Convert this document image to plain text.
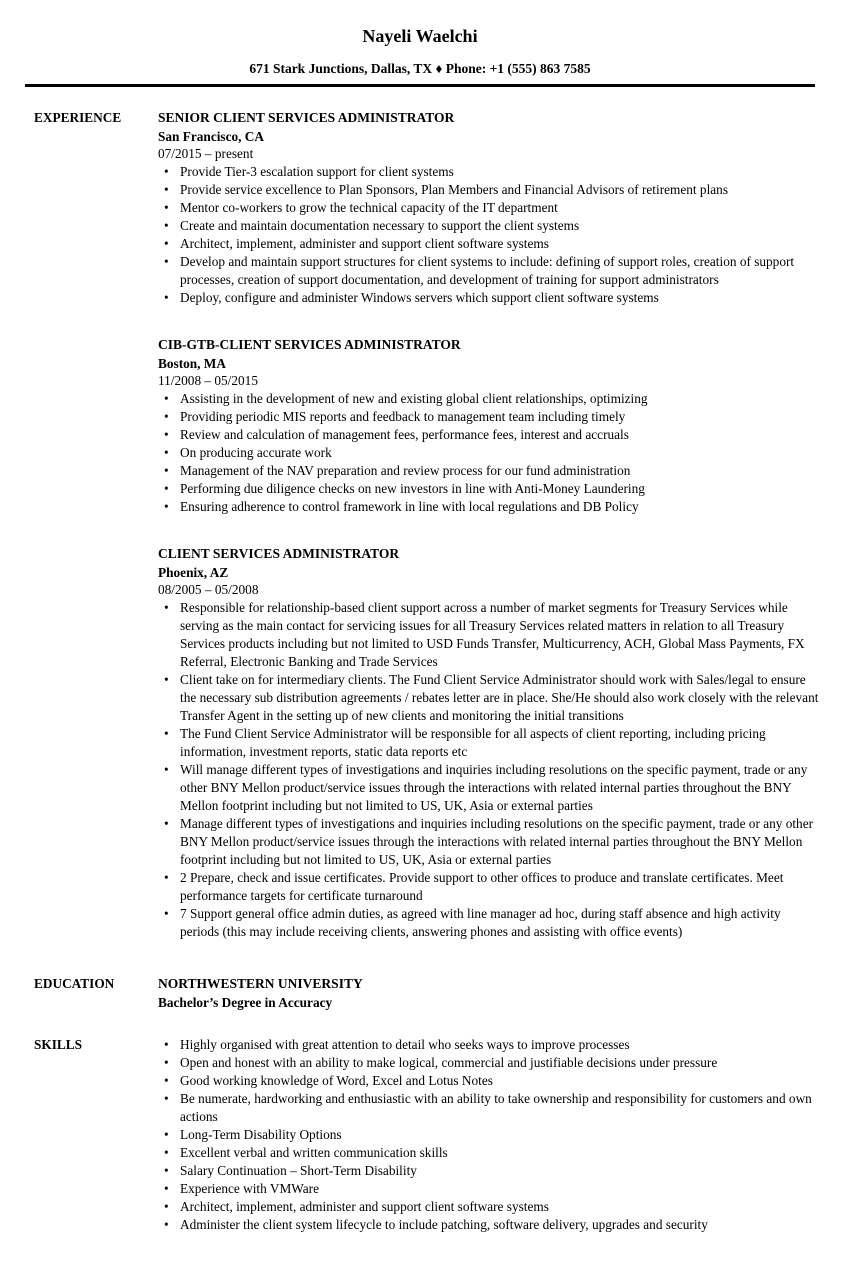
Nayeli Waelchi
671 Stark Junctions, Dallas, TX ♦ Phone: +1 (555) 863 7585
EXPERIENCE	SENIOR CLIENT SERVICES ADMINISTRATOR
San Francisco, CA
07/2015 – present
• Provide Tier-3 escalation support for client systems
• Provide service excellence to Plan Sponsors, Plan Members and Financial Advisors of retirement plans
• Mentor co-workers to grow the technical capacity of the IT department
• Create and maintain documentation necessary to support the client systems
• Architect, implement, administer and support client software systems
• Develop and maintain support structures for client systems to include: defining of support roles, creation of support processes, creation of support documentation, and development of training for support administrators
• Deploy, configure and administer Windows servers which support client software systems
CIB-GTB-CLIENT SERVICES ADMINISTRATOR
Boston, MA
11/2008 – 05/2015
• Assisting in the development of new and existing global client relationships, optimizing
• Providing periodic MIS reports and feedback to management team including timely
• Review and calculation of management fees, performance fees, interest and accruals
• On producing accurate work
• Management of the NAV preparation and review process for our fund administration
• Performing due diligence checks on new investors in line with Anti-Money Laundering
• Ensuring adherence to control framework in line with local regulations and DB Policy
CLIENT SERVICES ADMINISTRATOR
Phoenix, AZ
08/2005 – 05/2008
• Responsible for relationship-based client support across a number of market segments for Treasury Services while serving as the main contact for servicing issues for all Treasury Services related matters in relation to all Treasury Services products including but not limited to USD Funds Transfer, Multicurrency, ACH, Global Mass Payments, FX Referral, Electronic Banking and Trade Services
• Client take on for intermediary clients. The Fund Client Service Administrator should work with Sales/legal to ensure the necessary sub distribution agreements / rebates letter are in place. She/He should also work closely with the relevant Transfer Agent in the setting up of new clients and monitoring the initial transitions
• The Fund Client Service Administrator will be responsible for all aspects of client reporting, including pricing information, investment reports, static data reports etc
• Will manage different types of investigations and inquiries including resolutions on the specific payment, trade or any other BNY Mellon product/service issues through the interactions with related internal parties throughout the BNY Mellon footprint including but not limited to US, UK, Asia or external parties
• Manage different types of investigations and inquiries including resolutions on the specific payment, trade or any other BNY Mellon product/service issues through the interactions with related internal parties throughout the BNY Mellon footprint including but not limited to US, UK, Asia or external parties
• 2 Prepare, check and issue certificates. Provide support to other offices to produce and translate certificates. Meet performance targets for certificate turnaround
• 7 Support general office admin duties, as agreed with line manager ad hoc, during staff absence and high activity periods (this may include receiving clients, answering phones and assisting with office events)
EDUCATION	NORTHWESTERN UNIVERSITY
Bachelor’s Degree in Accuracy
SKILLS	• Highly organised with great attention to detail who seeks ways to improve processes
• Open and honest with an ability to make logical, commercial and justifiable decisions under pressure
• Good working knowledge of Word, Excel and Lotus Notes
• Be numerate, hardworking and enthusiastic with an ability to take ownership and responsibility for customers and own actions
• Long-Term Disability Options
• Excellent verbal and written communication skills
• Salary Continuation – Short-Term Disability
• Experience with VMWare
• Architect, implement, administer and support client software systems
• Administer the client system lifecycle to include patching, software delivery, upgrades and security
